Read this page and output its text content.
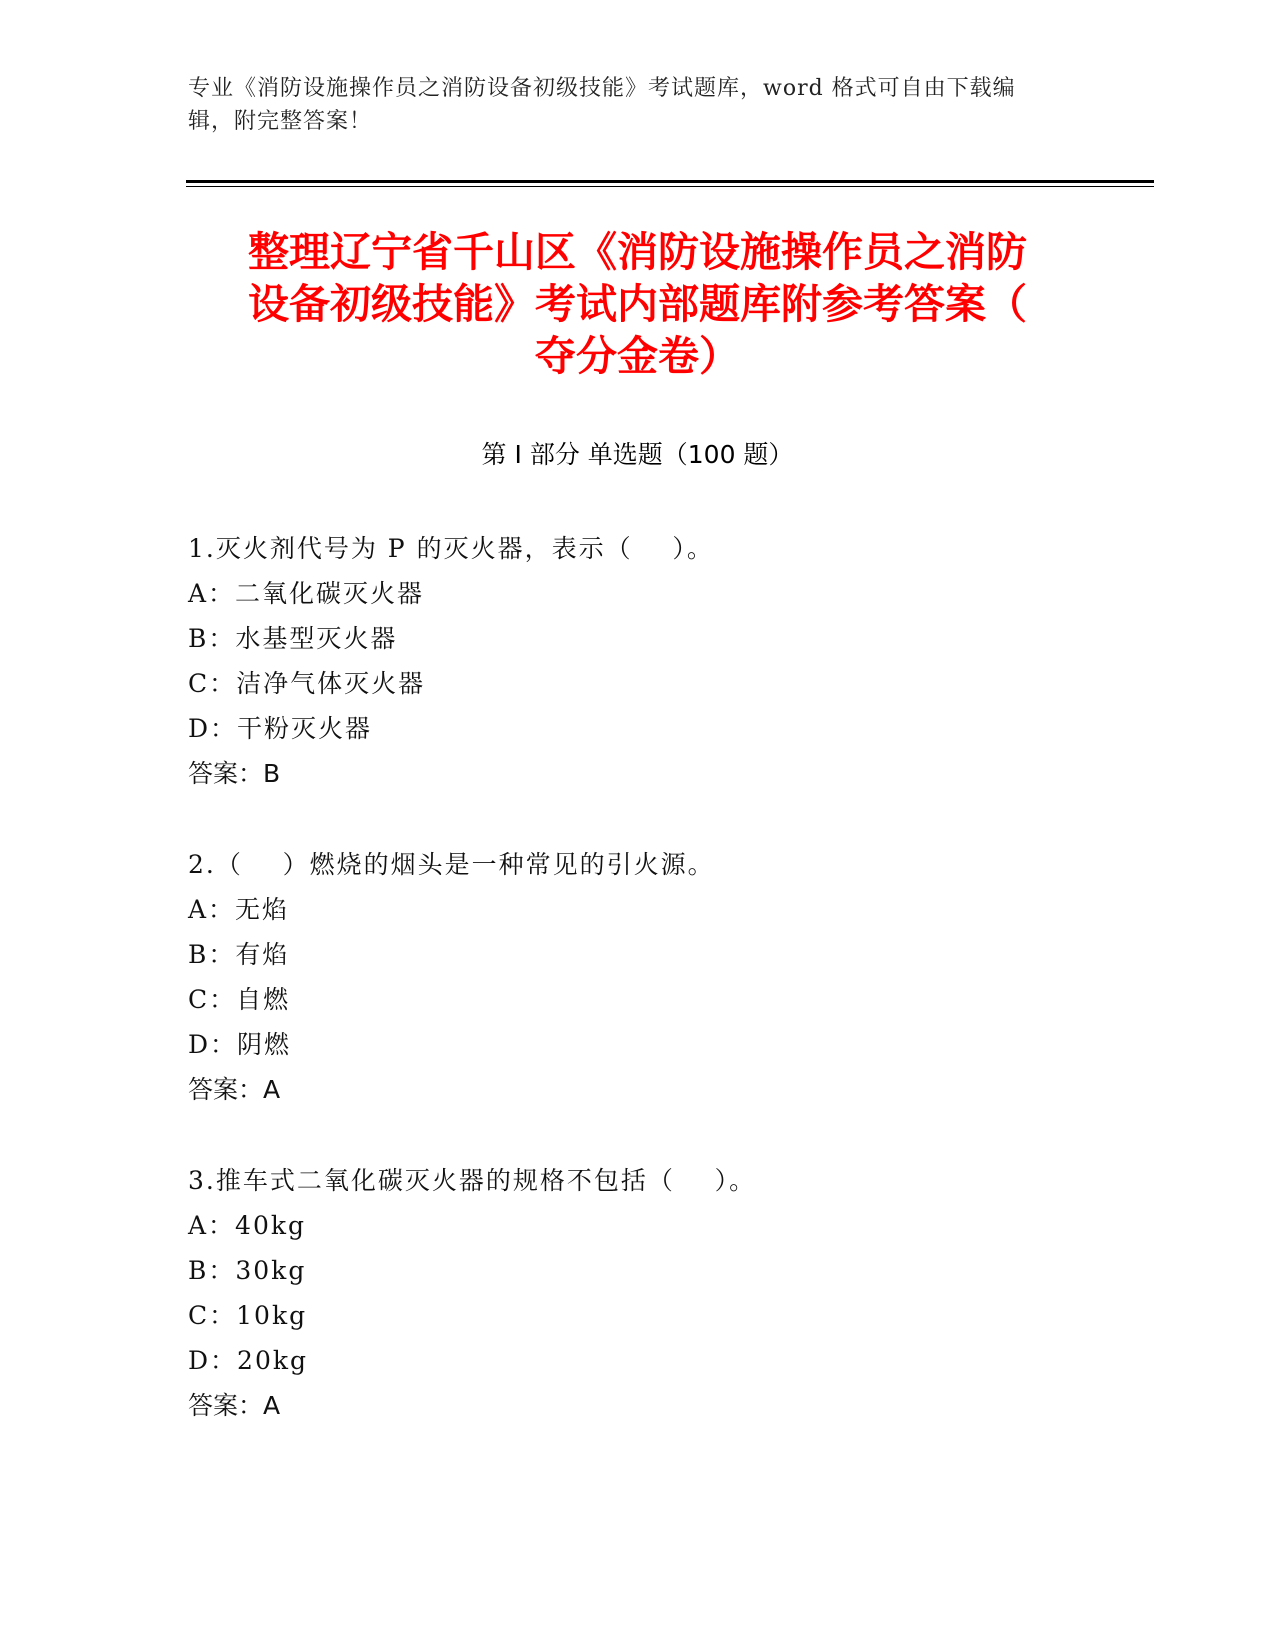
专业《消防设施操作员之消防设备初级技能》考试题库，word 格式可自由下载编
辑，附完整答案！
整理辽宁省千山区《消防设施操作员之消防
设备初级技能》考试内部题库附参考答案（
夺分金卷）
第 I 部分 单选题（100 题）
1.灭火剂代号为 P 的灭火器，表示（    ）。
A：二氧化碳灭火器
B：水基型灭火器
C：洁净气体灭火器
D：干粉灭火器
答案：B
2.（    ）燃烧的烟头是一种常见的引火源。
A：无焰
B：有焰
C：自燃
D：阴燃
答案：A
3.推车式二氧化碳灭火器的规格不包括（    ）。
A：40kg
B：30kg
C：10kg
D：20kg
答案：A
